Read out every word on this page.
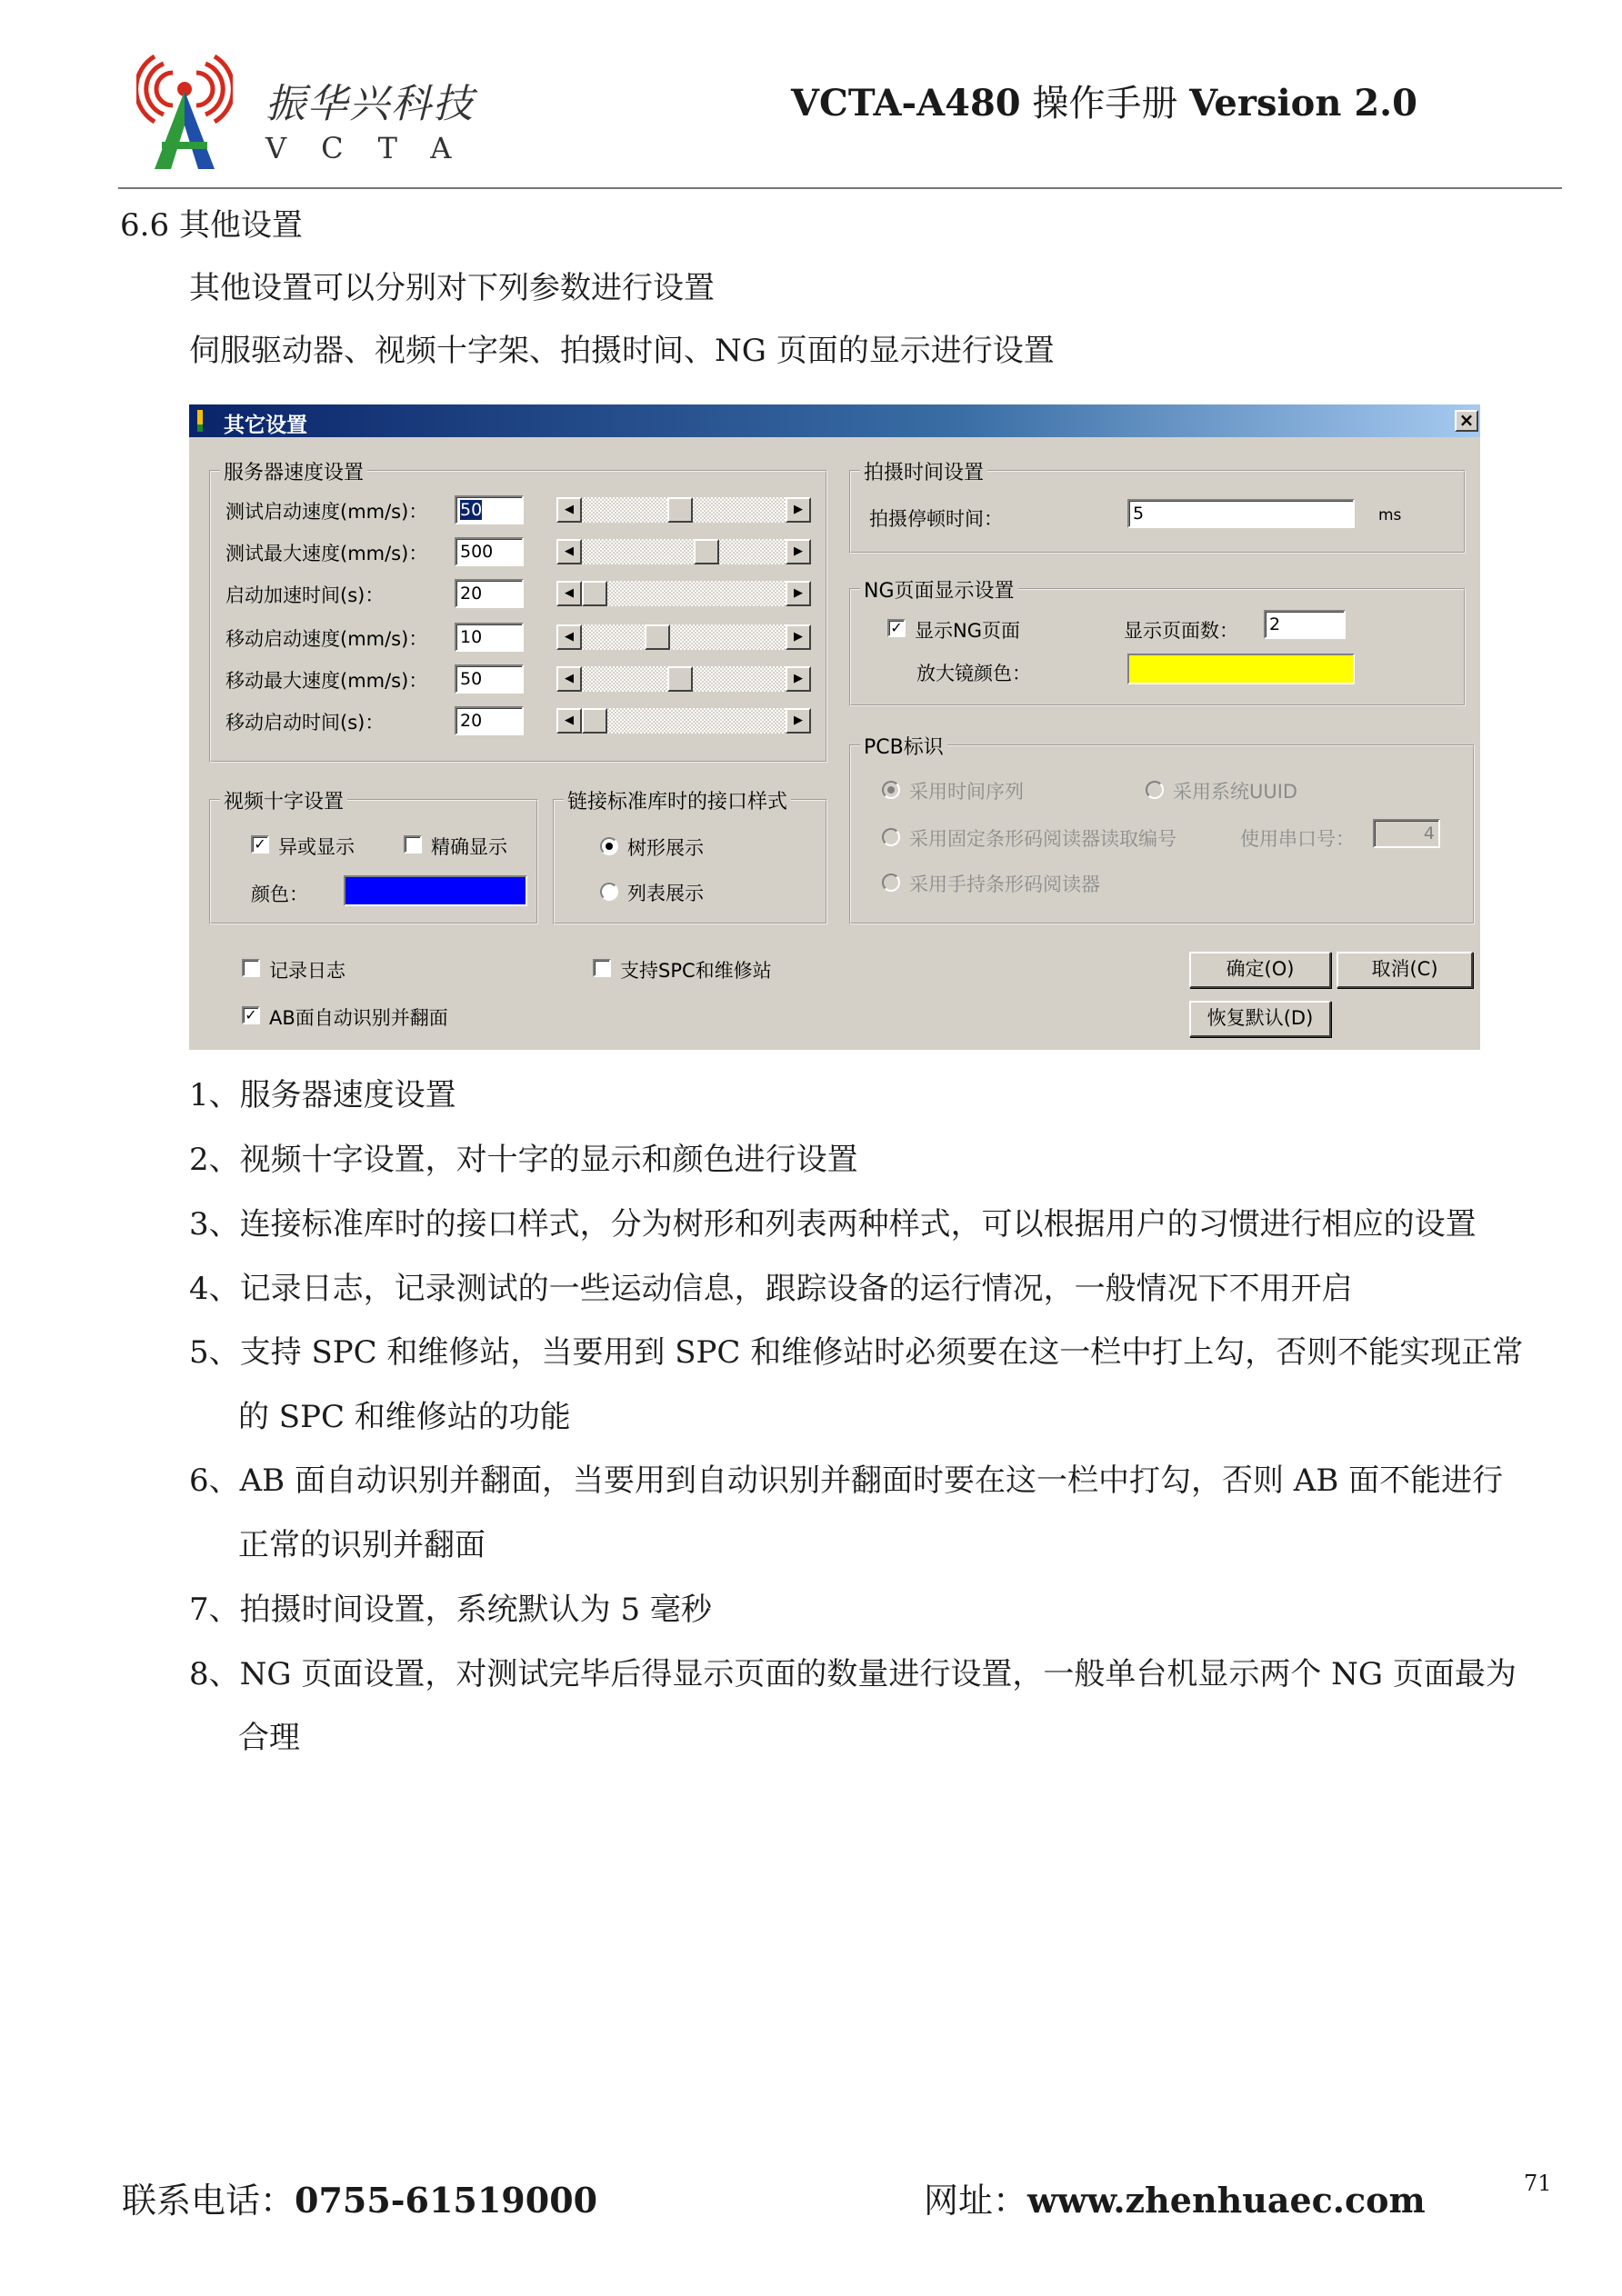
振华兴科技
VCTA
VCTA-A480 操作手册 Version 2.0
6.6 其他设置
其他设置可以分别对下列参数进行设置
伺服驱动器、视频十字架、拍摄时间、NG 页面的显示进行设置
其它设置	×
服务器速度设置
测试启动速度(mm/s)：	50	◀	▶
测试最大速度(mm/s)：	500	◀	▶
启动加速时间(s)：	20	◀	▶
移动启动速度(mm/s)：	10	◀	▶
移动最大速度(mm/s)：	50	◀	▶
移动启动时间(s)：	20	◀	▶
视频十字设置
✓ 异或显示	精确显示
颜色：
链接标准库时的接口样式
树形展示
列表展示
拍摄时间设置
拍摄停顿时间：	5	ms
NG页面显示设置
✓ 显示NG页面	显示页面数：	2
放大镜颜色：
PCB标识
采用时间序列	采用系统UUID
采用固定条形码阅读器读取编号	使用串口号：	4
采用手持条形码阅读器
记录日志	支持SPC和维修站
✓ AB面自动识别并翻面
确定(O)	取消(C)
恢复默认(D)
1、服务器速度设置
2、视频十字设置，对十字的显示和颜色进行设置
3、连接标准库时的接口样式，分为树形和列表两种样式，可以根据用户的习惯进行相应的设置
4、记录日志，记录测试的一些运动信息，跟踪设备的运行情况，一般情况下不用开启
5、支持 SPC 和维修站，当要用到 SPC 和维修站时必须要在这一栏中打上勾，否则不能实现正常
的 SPC 和维修站的功能
6、AB 面自动识别并翻面，当要用到自动识别并翻面时要在这一栏中打勾，否则 AB 面不能进行
正常的识别并翻面
7、拍摄时间设置，系统默认为 5 毫秒
8、NG 页面设置，对测试完毕后得显示页面的数量进行设置，一般单台机显示两个 NG 页面最为
合理
联系电话：0755-61519000	网址：www.zhenhuaec.com	71
